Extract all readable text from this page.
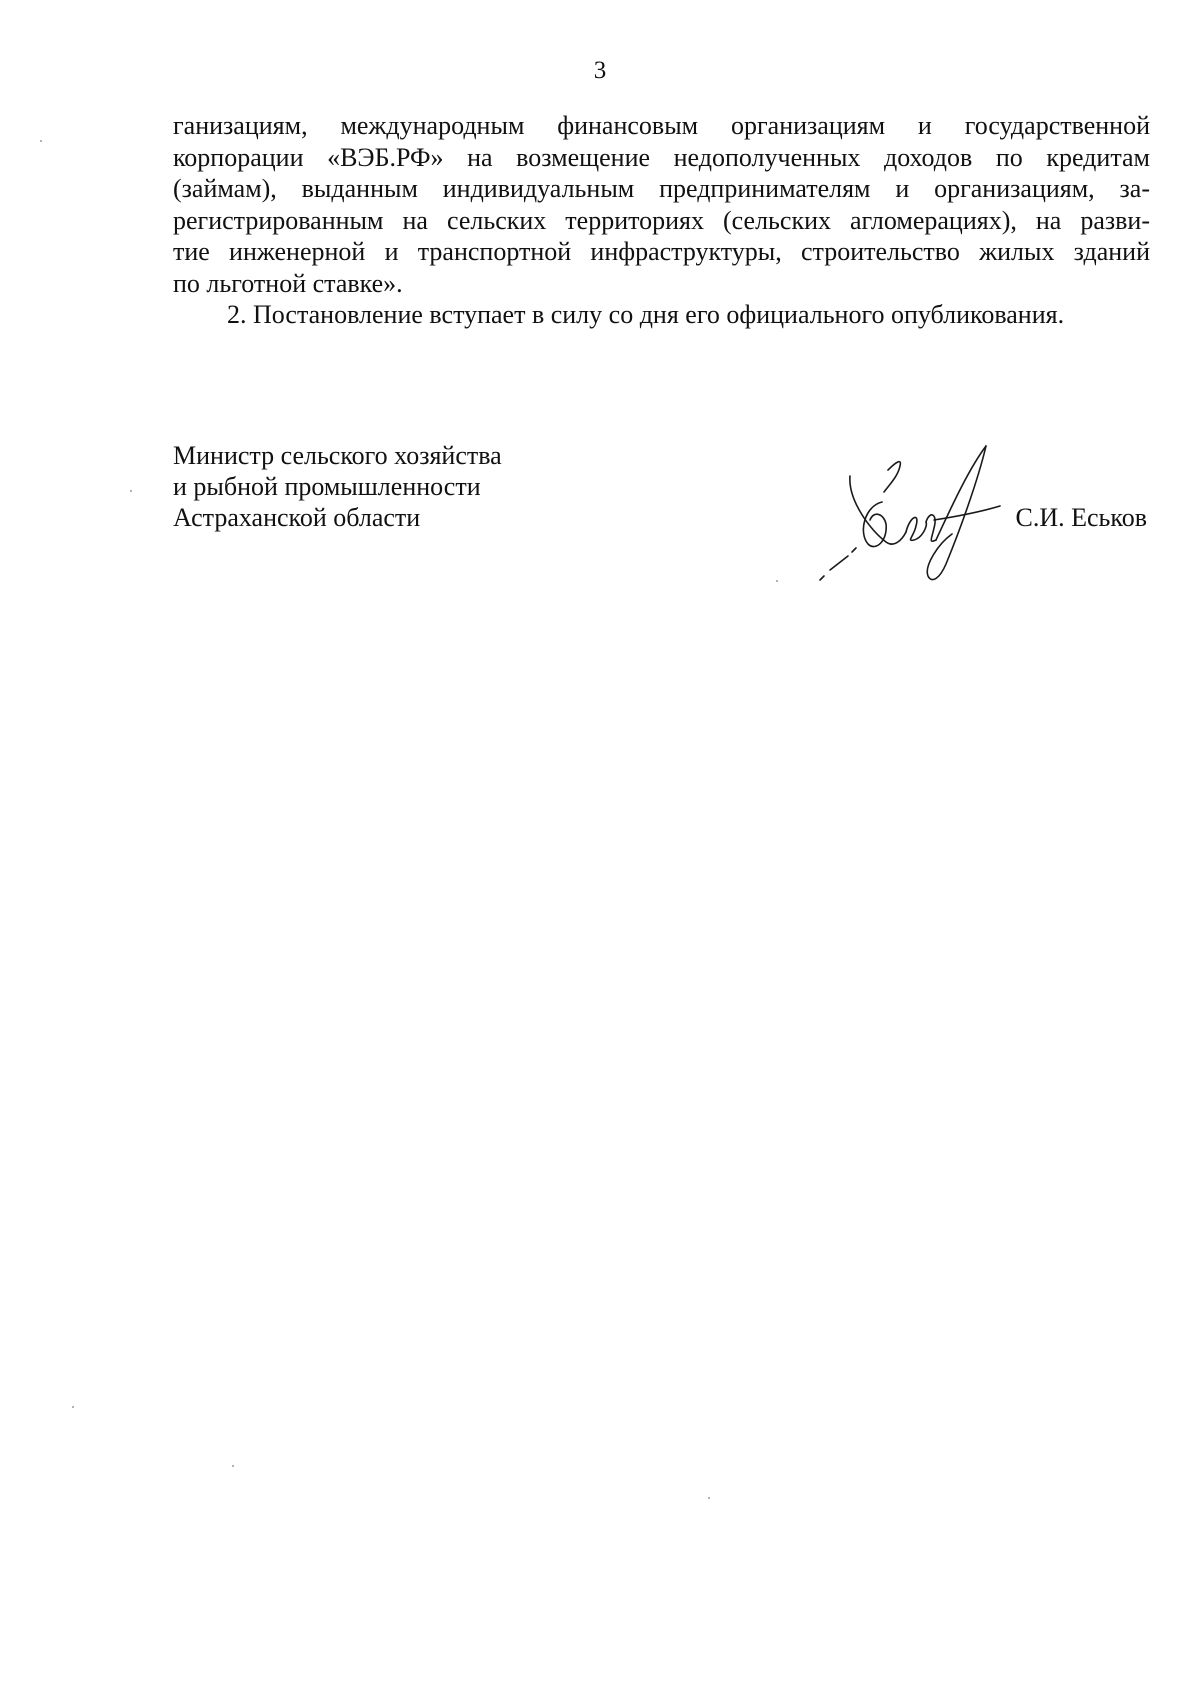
3

ганизациям, международным финансовым организациям и государственной

корпорации «ВЭБ.РФ» на возмещение недополученных доходов по кредитам

(займам), выданным индивидуальным предпринимателям и организациям, за-

регистрированным на сельских территориях (сельских агломерациях), на разви-

тие инженерной и транспортной инфраструктуры, строительство жилых зданий

по льготной ставке».

2. Постановление вступает в силу со дня его официального опубликования.

Министр сельского хозяйства
и рыбной промышленности
Астраханской области	С.И. Еськов
